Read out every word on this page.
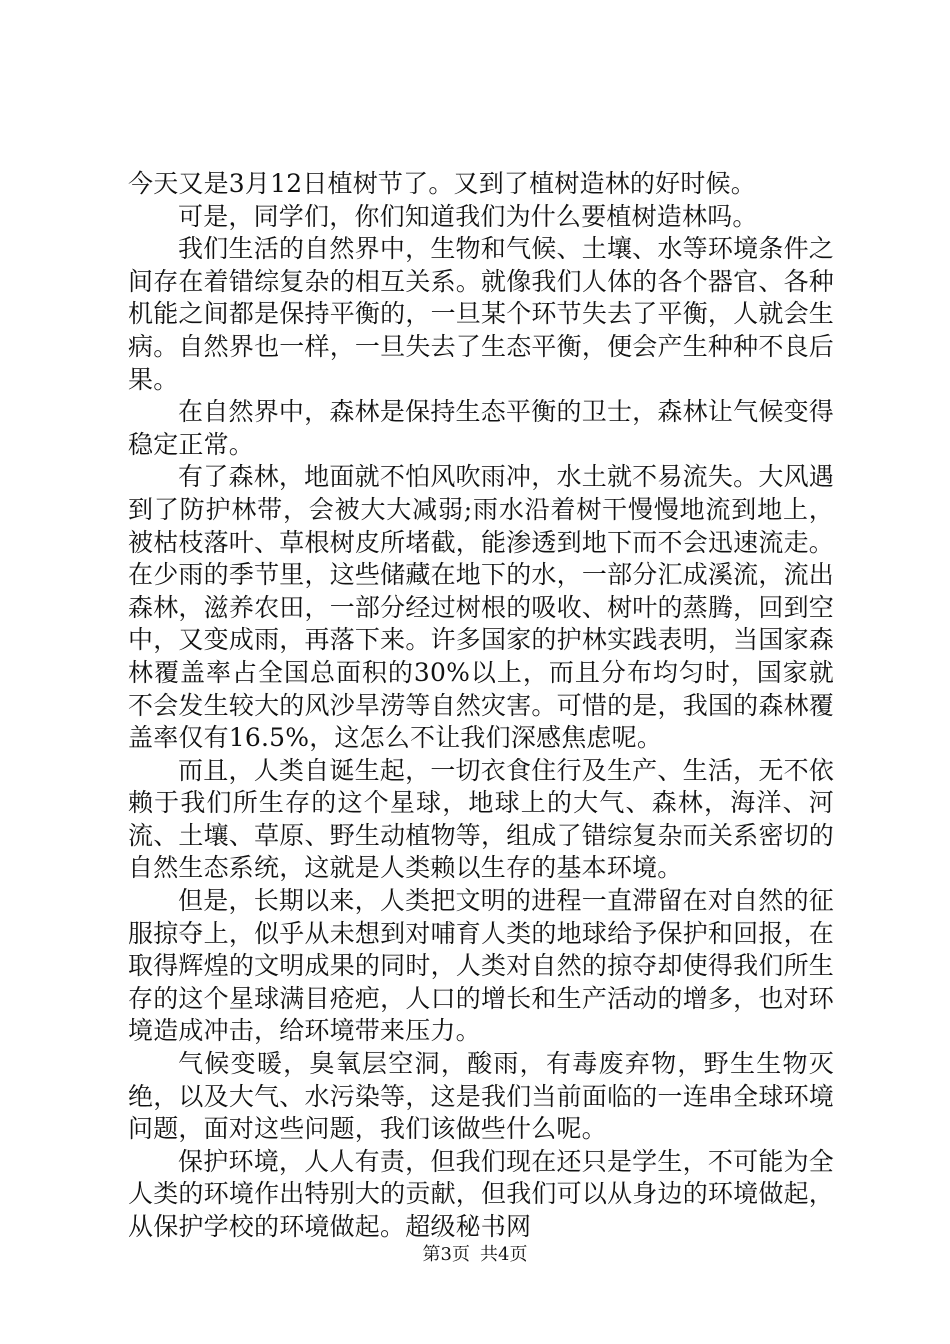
今天又是3月12日植树节了。又到了植树造林的好时候。

可是，同学们，你们知道我们为什么要植树造林吗。

我们生活的自然界中，生物和气候、土壤、水等环境条件之间存在着错综复杂的相互关系。就像我们人体的各个器官、各种机能之间都是保持平衡的，一旦某个环节失去了平衡，人就会生病。自然界也一样，一旦失去了生态平衡，便会产生种种不良后果。

在自然界中，森林是保持生态平衡的卫士，森林让气候变得稳定正常。

有了森林，地面就不怕风吹雨冲，水土就不易流失。大风遇到了防护林带，会被大大减弱;雨水沿着树干慢慢地流到地上，被枯枝落叶、草根树皮所堵截，能渗透到地下而不会迅速流走。在少雨的季节里，这些储藏在地下的水，一部分汇成溪流，流出森林，滋养农田，一部分经过树根的吸收、树叶的蒸腾，回到空中，又变成雨，再落下来。许多国家的护林实践表明，当国家森林覆盖率占全国总面积的30%以上，而且分布均匀时，国家就不会发生较大的风沙旱涝等自然灾害。可惜的是，我国的森林覆盖率仅有16.5%，这怎么不让我们深感焦虑呢。

而且，人类自诞生起，一切衣食住行及生产、生活，无不依赖于我们所生存的这个星球，地球上的大气、森林，海洋、河流、土壤、草原、野生动植物等，组成了错综复杂而关系密切的自然生态系统，这就是人类赖以生存的基本环境。

但是，长期以来，人类把文明的进程一直滞留在对自然的征服掠夺上，似乎从未想到对哺育人类的地球给予保护和回报，在取得辉煌的文明成果的同时，人类对自然的掠夺却使得我们所生存的这个星球满目疮疤，人口的增长和生产活动的增多，也对环境造成冲击，给环境带来压力。

气候变暖，臭氧层空洞，酸雨，有毒废弃物，野生生物灭绝，以及大气、水污染等，这是我们当前面临的一连串全球环境问题，面对这些问题，我们该做些什么呢。

保护环境，人人有责，但我们现在还只是学生，不可能为全人类的环境作出特别大的贡献，但我们可以从身边的环境做起，从保护学校的环境做起。超级秘书网

第3页 共4页
